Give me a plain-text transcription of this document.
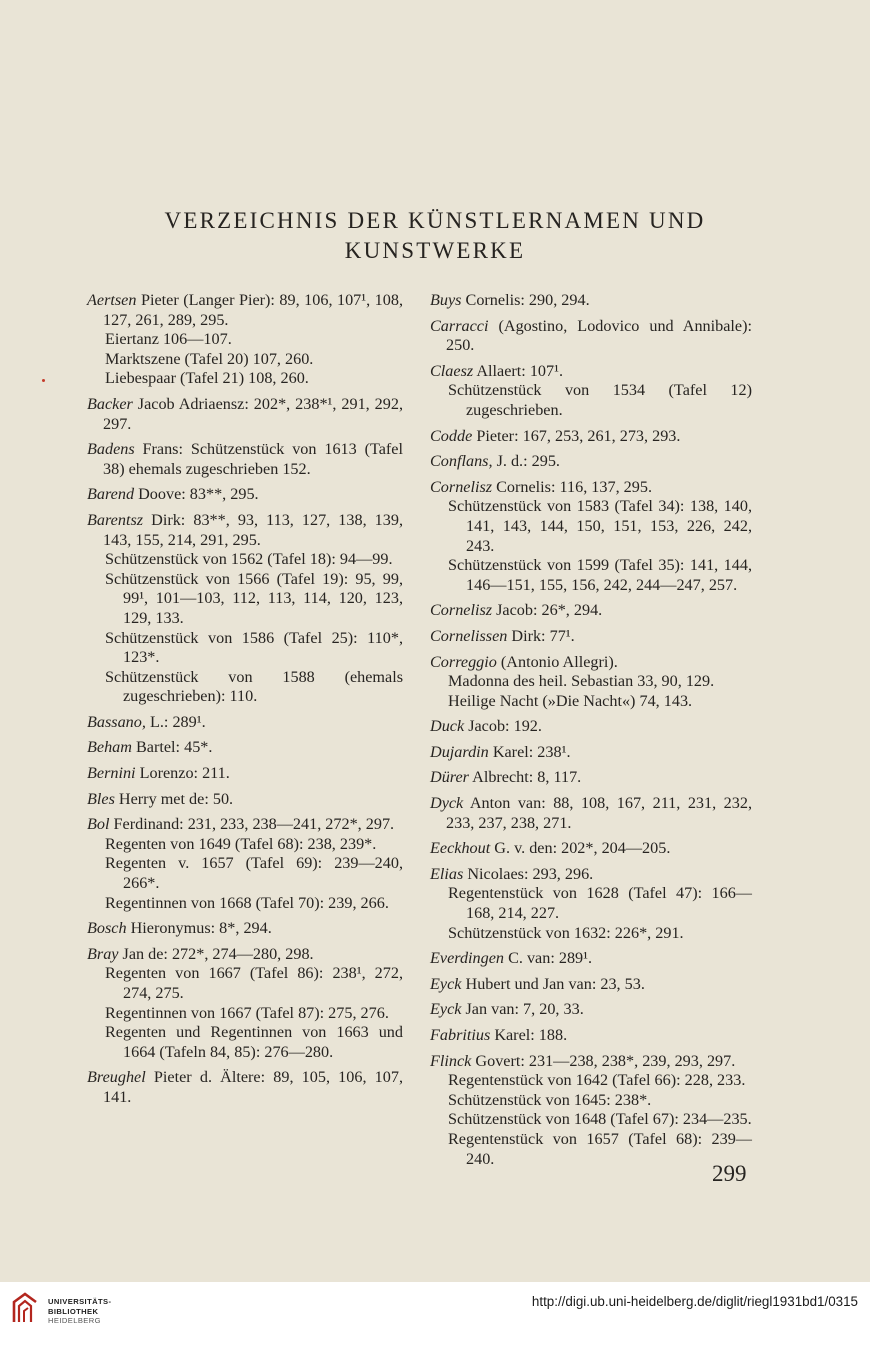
VERZEICHNIS DER KÜNSTLERNAMEN UND
KUNSTWERKE

Aertsen Pieter (Langer Pier): 89, 106, 107¹, 108, 127, 261, 289, 295.

Eiertanz 106—107.

Marktszene (Tafel 20) 107, 260.

Liebespaar (Tafel 21) 108, 260.

Backer Jacob Adriaensz: 202*, 238*¹, 291, 292, 297.

Badens Frans: Schützenstück von 1613 (Tafel 38) ehemals zugeschrieben 152.

Barend Doove: 83**, 295.

Barentsz Dirk: 83**, 93, 113, 127, 138, 139, 143, 155, 214, 291, 295.

Schützenstück von 1562 (Tafel 18): 94—99.

Schützenstück von 1566 (Tafel 19): 95, 99, 99¹, 101—103, 112, 113, 114, 120, 123, 129, 133.

Schützenstück von 1586 (Tafel 25): 110*, 123*.

Schützenstück von 1588 (ehemals zugeschrieben): 110.

Bassano, L.: 289¹.

Beham Bartel: 45*.

Bernini Lorenzo: 211.

Bles Herry met de: 50.

Bol Ferdinand: 231, 233, 238—241, 272*, 297.

Regenten von 1649 (Tafel 68): 238, 239*.

Regenten v. 1657 (Tafel 69): 239—240, 266*.

Regentinnen von 1668 (Tafel 70): 239, 266.

Bosch Hieronymus: 8*, 294.

Bray Jan de: 272*, 274—280, 298.

Regenten von 1667 (Tafel 86): 238¹, 272, 274, 275.

Regentinnen von 1667 (Tafel 87): 275, 276.

Regenten und Regentinnen von 1663 und 1664 (Tafeln 84, 85): 276—280.

Breughel Pieter d. Ältere: 89, 105, 106, 107, 141.

Buys Cornelis: 290, 294.

Carracci (Agostino, Lodovico und Annibale): 250.

Claesz Allaert: 107¹.

Schützenstück von 1534 (Tafel 12) zugeschrieben.

Codde Pieter: 167, 253, 261, 273, 293.

Conflans, J. d.: 295.

Cornelisz Cornelis: 116, 137, 295.

Schützenstück von 1583 (Tafel 34): 138, 140, 141, 143, 144, 150, 151, 153, 226, 242, 243.

Schützenstück von 1599 (Tafel 35): 141, 144, 146—151, 155, 156, 242, 244—247, 257.

Cornelisz Jacob: 26*, 294.

Cornelissen Dirk: 77¹.

Correggio (Antonio Allegri).

Madonna des heil. Sebastian 33, 90, 129.

Heilige Nacht (»Die Nacht«) 74, 143.

Duck Jacob: 192.

Dujardin Karel: 238¹.

Dürer Albrecht: 8, 117.

Dyck Anton van: 88, 108, 167, 211, 231, 232, 233, 237, 238, 271.

Eeckhout G. v. den: 202*, 204—205.

Elias Nicolaes: 293, 296.

Regentenstück von 1628 (Tafel 47): 166—168, 214, 227.

Schützenstück von 1632: 226*, 291.

Everdingen C. van: 289¹.

Eyck Hubert und Jan van: 23, 53.

Eyck Jan van: 7, 20, 33.

Fabritius Karel: 188.

Flinck Govert: 231—238, 238*, 239, 293, 297.

Regentenstück von 1642 (Tafel 66): 228, 233.

Schützenstück von 1645: 238*.

Schützenstück von 1648 (Tafel 67): 234—235.

Regentenstück von 1657 (Tafel 68): 239—240.

299
UNIVERSITÄTS-
BIBLIOTHEK
HEIDELBERG
http://digi.ub.uni-heidelberg.de/diglit/riegl1931bd1/0315
